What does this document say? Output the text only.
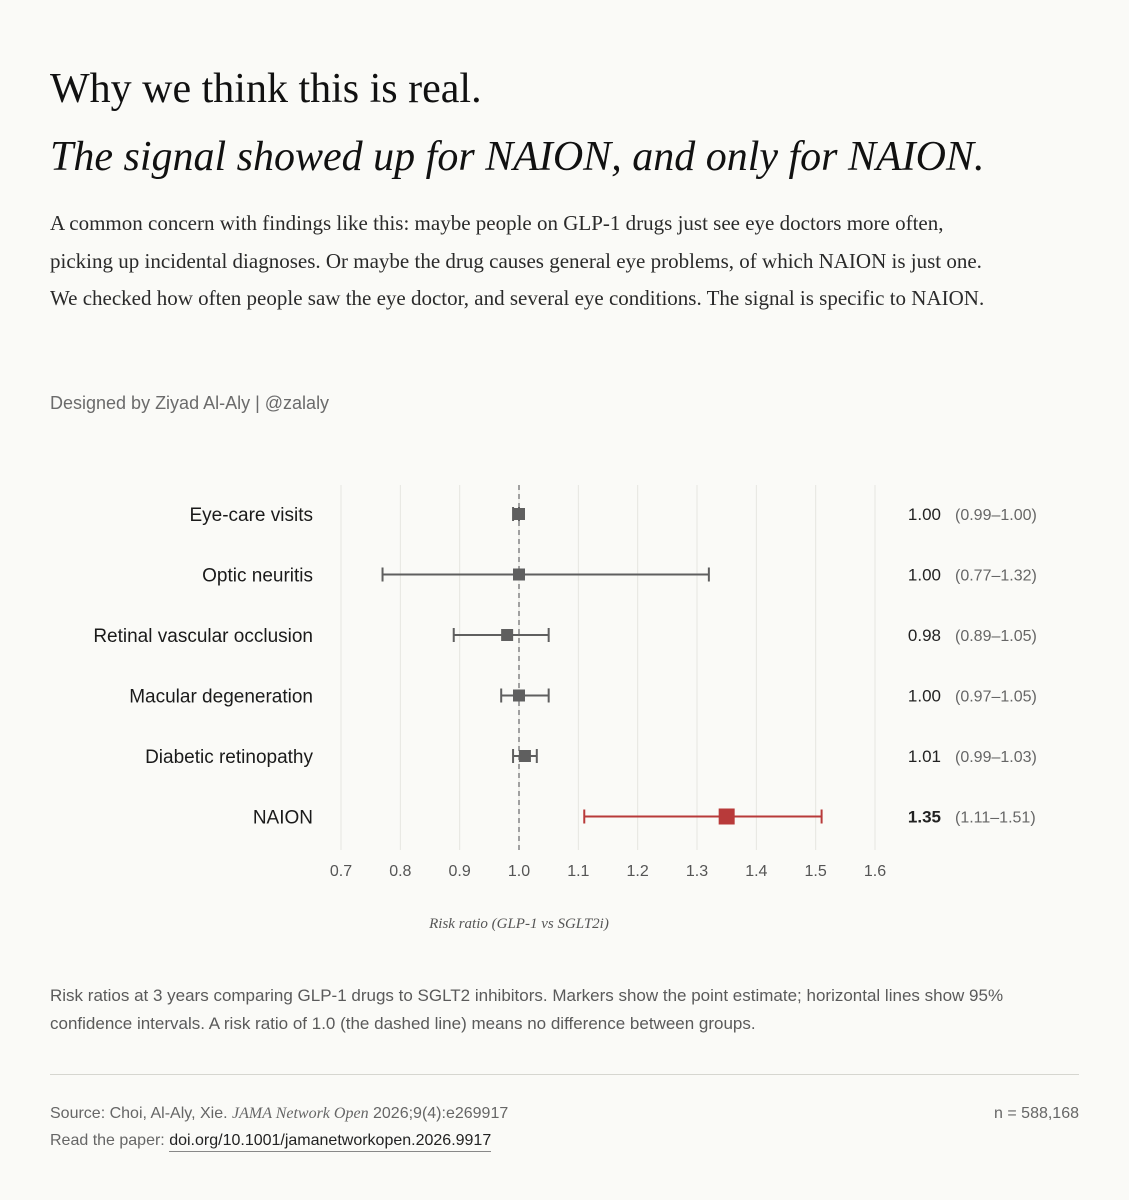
Why we think this is real.
The signal showed up for NAION, and only for NAION.

A common concern with findings like this: maybe people on GLP-1 drugs just see eye doctors more often, picking up incidental diagnoses. Or maybe the drug causes general eye problems, of which NAION is just one. We checked how often people saw the eye doctor, and several eye conditions. The signal is specific to NAION.

Designed by Ziyad Al-Aly | @zalaly

0.7 0.8 0.9 1.0 1.1 1.2 1.3 1.4 1.5 1.6
Eye-care visits	1.00 (0.99–1.00)
Optic neuritis	1.00 (0.77–1.32)
Retinal vascular occlusion	0.98 (0.89–1.05)
Macular degeneration	1.00 (0.97–1.05)
Diabetic retinopathy	1.01 (0.99–1.03)
NAION	1.35 (1.11–1.51)
Risk ratio (GLP-1 vs SGLT2i)

Risk ratios at 3 years comparing GLP-1 drugs to SGLT2 inhibitors. Markers show the point estimate; horizontal lines show 95% confidence intervals. A risk ratio of 1.0 (the dashed line) means no difference between groups.

Source: Choi, Al-Aly, Xie. JAMA Network Open 2026;9(4):e269917

Read the paper: doi.org/10.1001/jamanetworkopen.2026.9917

n = 588,168
